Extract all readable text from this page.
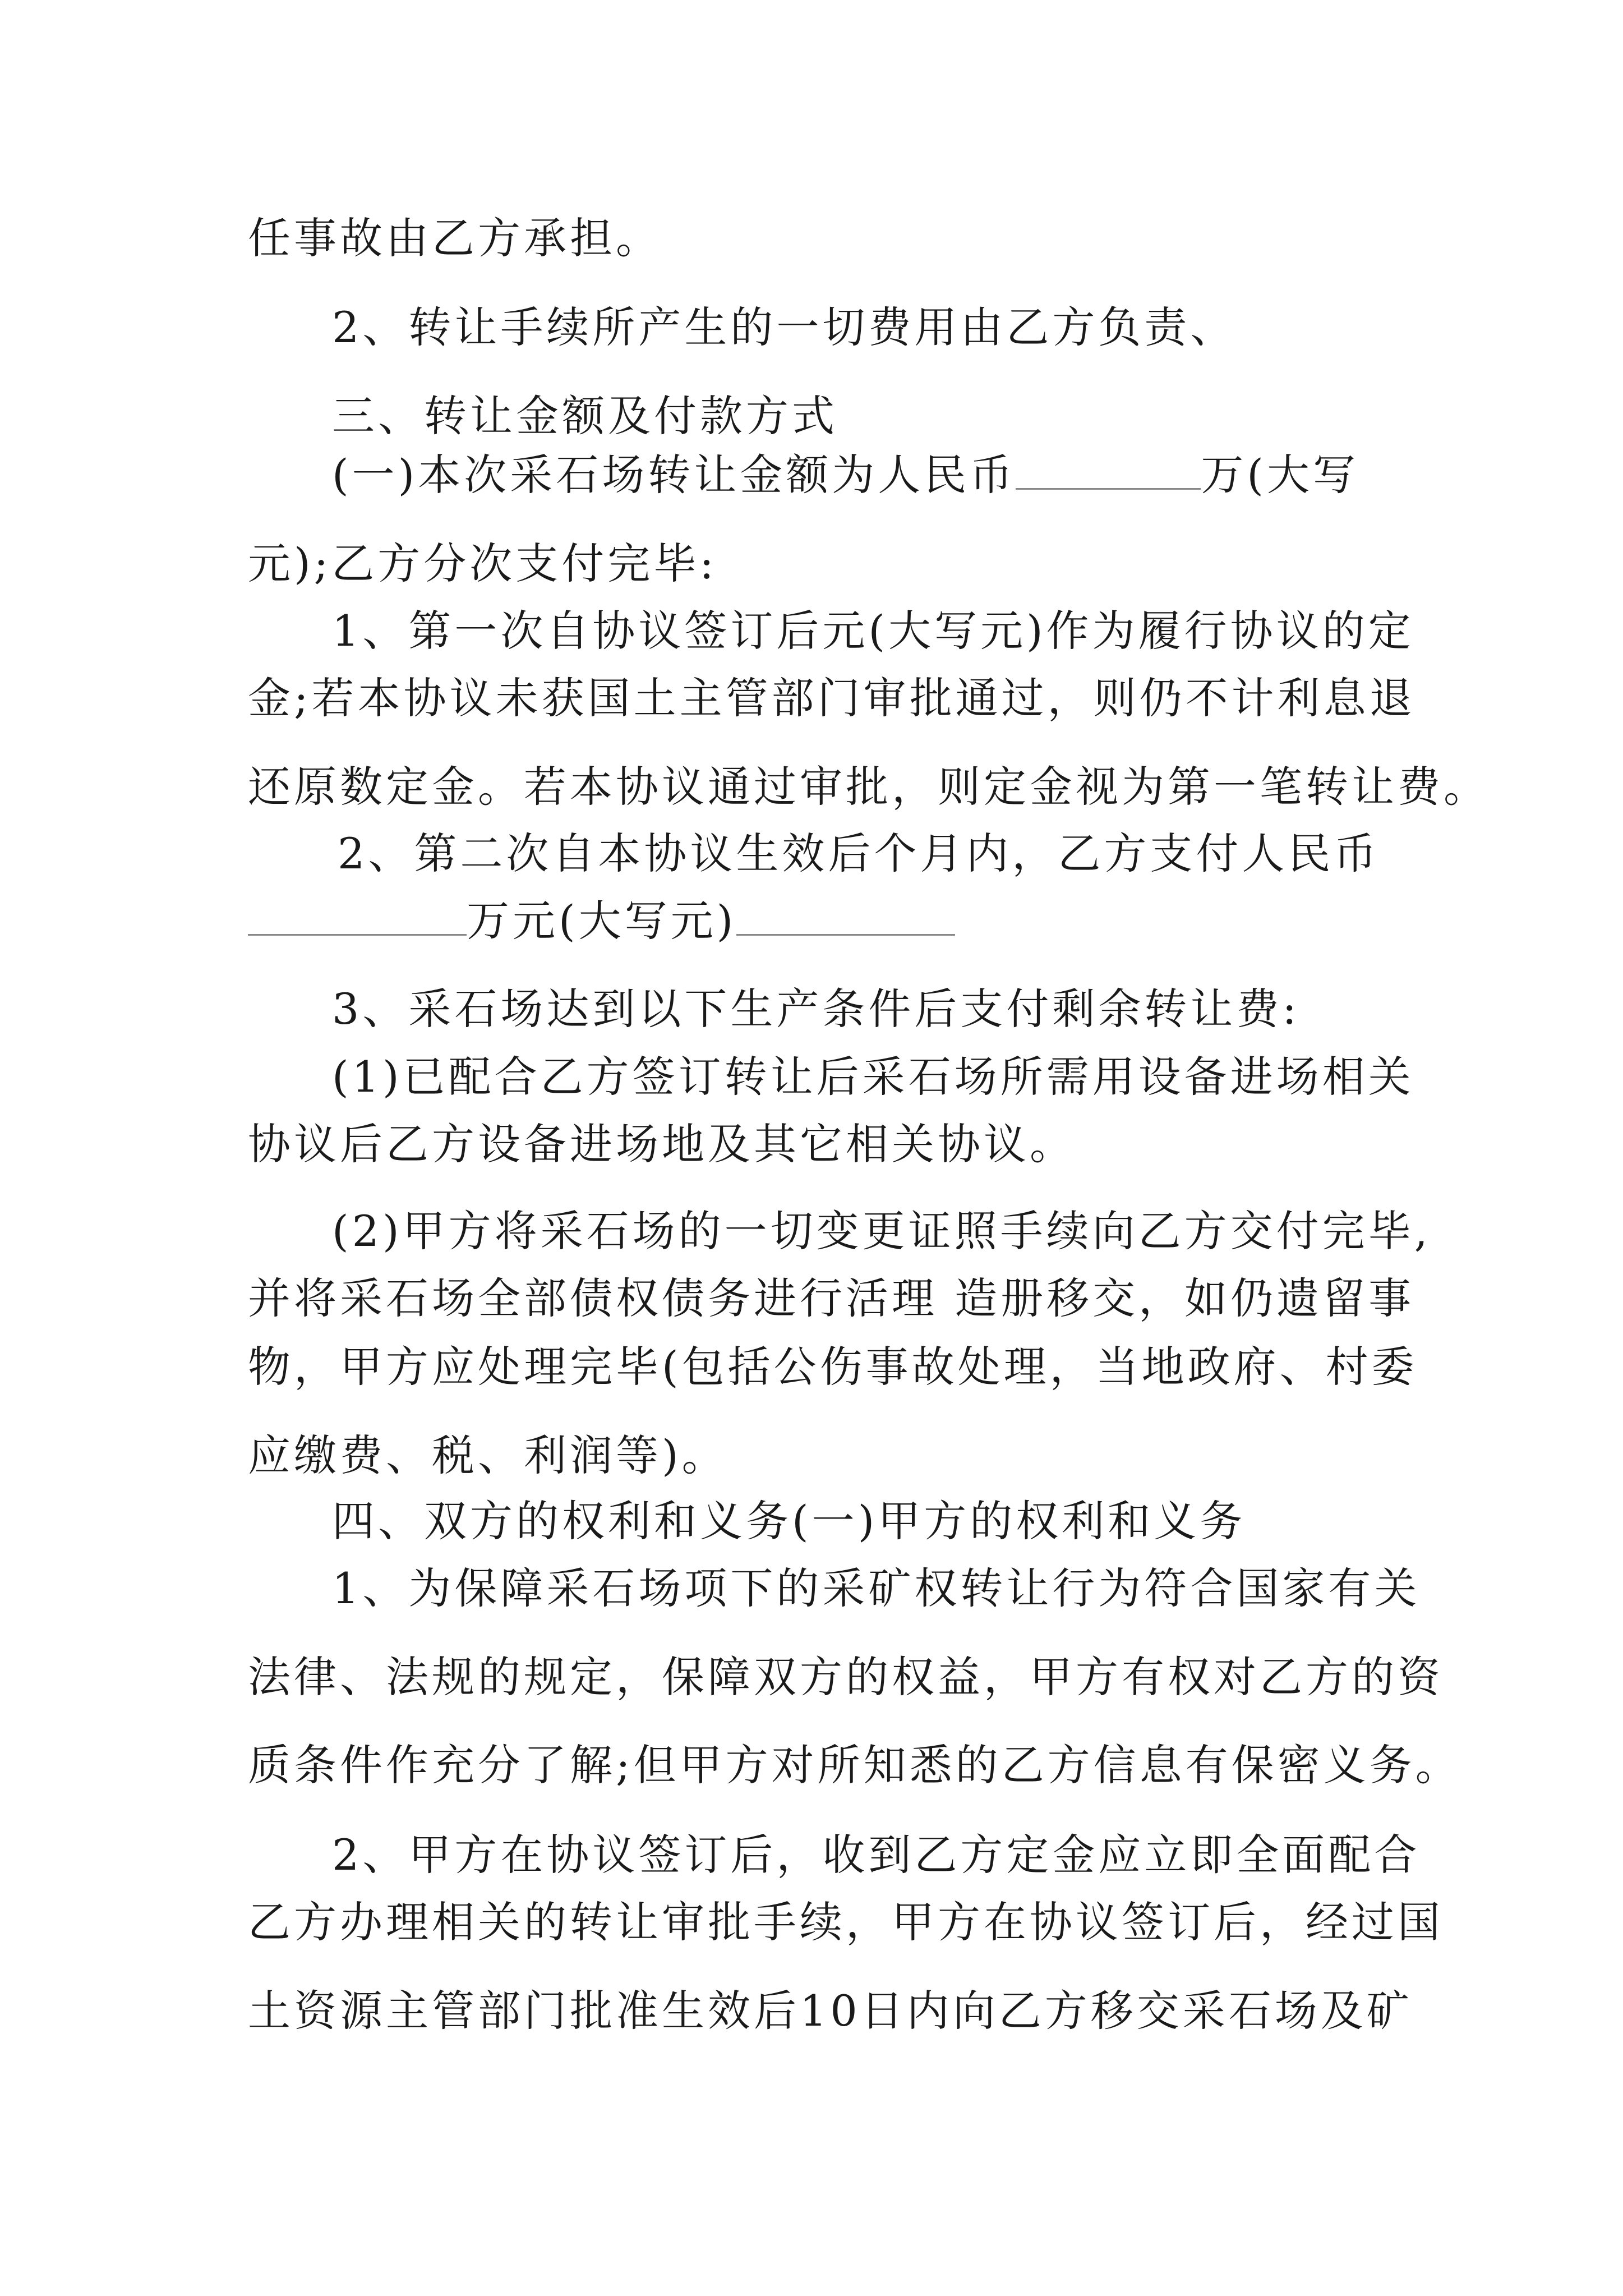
任事故由乙方承担。
2、转让手续所产生的一切费用由乙方负责、
三、转让金额及付款方式
(一)本次采石场转让金额为人民币	万(大写
元);乙方分次支付完毕:
1、第一次自协议签订后元(大写元)作为履行协议的定
金;若本协议未获国土主管部门审批通过，则仍不计利息退
还原数定金。若本协议通过审批，则定金视为第一笔转让费。
2、第二次自本协议生效后个月内，乙方支付人民币
万元(大写元)
3、采石场达到以下生产条件后支付剩余转让费:
(1)已配合乙方签订转让后采石场所需用设备进场相关
协议后乙方设备进场地及其它相关协议。
(2)甲方将采石场的一切变更证照手续向乙方交付完毕,
并将采石场全部债权债务进行活理 造册移交，如仍遗留事
物，甲方应处理完毕(包括公伤事故处理，当地政府、村委
应缴费、税、利润等)。
四、双方的权利和义务(一)甲方的权利和义务
1、为保障采石场项下的采矿权转让行为符合国家有关
法律、法规的规定，保障双方的权益，甲方有权对乙方的资
质条件作充分了解;但甲方对所知悉的乙方信息有保密义务。
2、甲方在协议签订后，收到乙方定金应立即全面配合
乙方办理相关的转让审批手续，甲方在协议签订后，经过国
土资源主管部门批准生效后10日内向乙方移交采石场及矿
